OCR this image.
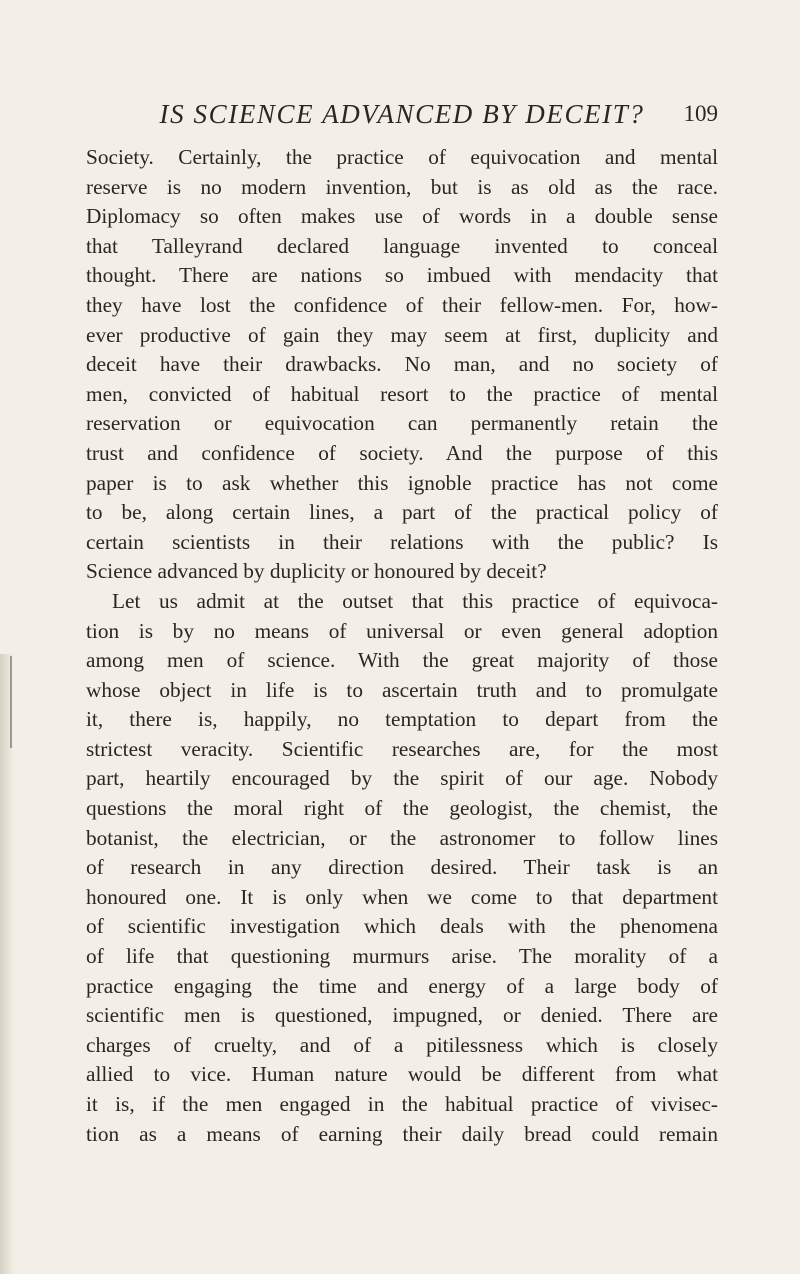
IS SCIENCE ADVANCED BY DECEIT?	109
Society. Certainly, the practice of equivocation and mental
reserve is no modern invention, but is as old as the race.
Diplomacy so often makes use of words in a double sense
that Talleyrand declared language invented to conceal
thought. There are nations so imbued with mendacity that
they have lost the confidence of their fellow-men. For, how-
ever productive of gain they may seem at first, duplicity and
deceit have their drawbacks. No man, and no society of
men, convicted of habitual resort to the practice of mental
reservation or equivocation can permanently retain the
trust and confidence of society. And the purpose of this
paper is to ask whether this ignoble practice has not come
to be, along certain lines, a part of the practical policy of
certain scientists in their relations with the public? Is
Science advanced by duplicity or honoured by deceit?
Let us admit at the outset that this practice of equivoca-
tion is by no means of universal or even general adoption
among men of science. With the great majority of those
whose object in life is to ascertain truth and to promulgate
it, there is, happily, no temptation to depart from the
strictest veracity. Scientific researches are, for the most
part, heartily encouraged by the spirit of our age. Nobody
questions the moral right of the geologist, the chemist, the
botanist, the electrician, or the astronomer to follow lines
of research in any direction desired. Their task is an
honoured one. It is only when we come to that department
of scientific investigation which deals with the phenomena
of life that questioning murmurs arise. The morality of a
practice engaging the time and energy of a large body of
scientific men is questioned, impugned, or denied. There are
charges of cruelty, and of a pitilessness which is closely
allied to vice. Human nature would be different from what
it is, if the men engaged in the habitual practice of vivisec-
tion as a means of earning their daily bread could remain
